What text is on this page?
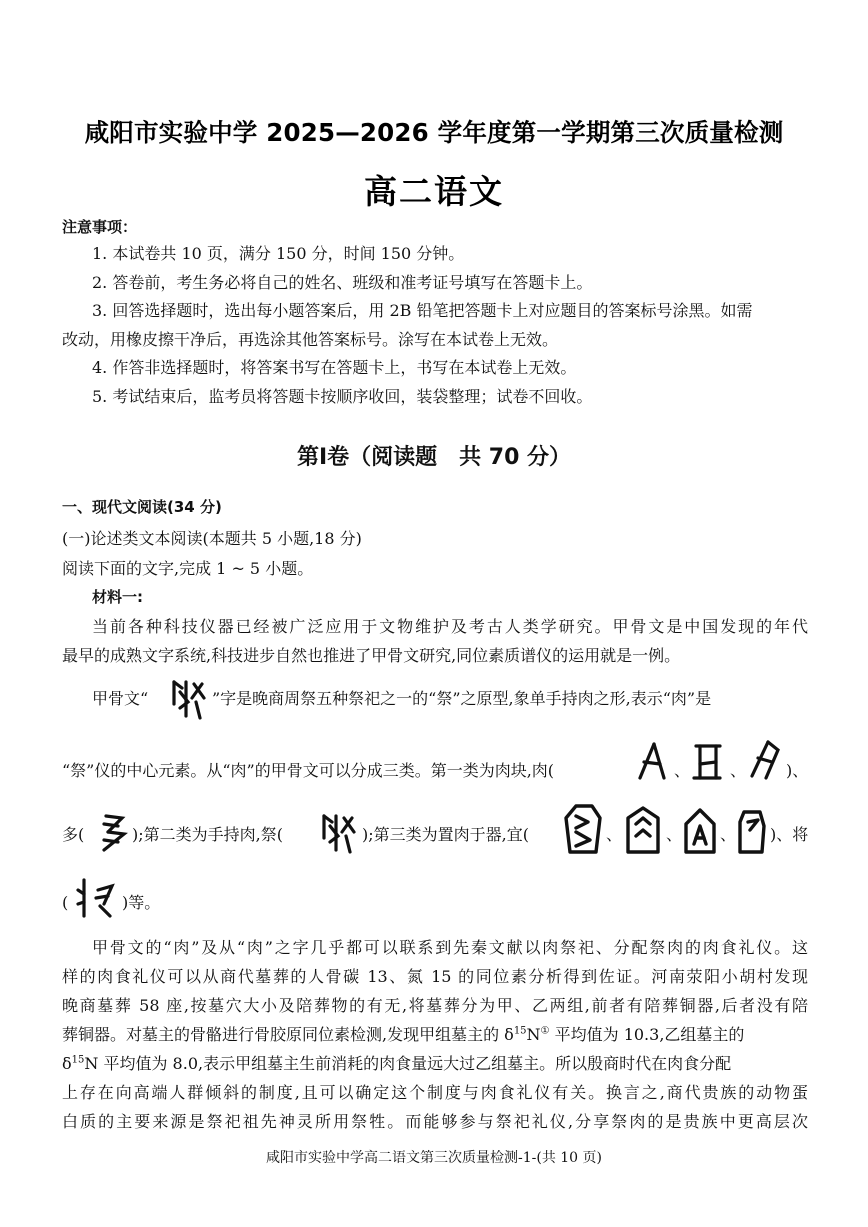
咸阳市实验中学 2025—2026 学年度第一学期第三次质量检测
高二语文
注意事项：
1. 本试卷共 10 页，满分 150 分，时间 150 分钟。
2. 答卷前，考生务必将自己的姓名、班级和准考证号填写在答题卡上。
3. 回答选择题时，选出每小题答案后，用 2B 铅笔把答题卡上对应题目的答案标号涂黑。如需
改动，用橡皮擦干净后，再选涂其他答案标号。涂写在本试卷上无效。
4. 作答非选择题时，将答案书写在答题卡上，书写在本试卷上无效。
5. 考试结束后，监考员将答题卡按顺序收回，装袋整理；试卷不回收。
第Ⅰ卷（阅读题　共 70 分）
一、现代文阅读(34 分)
(一)论述类文本阅读(本题共 5 小题,18 分)
阅读下面的文字,完成 1 ~ 5 小题。
材料一:
当前各种科技仪器已经被广泛应用于文物维护及考古人类学研究。甲骨文是中国发现的年代
最早的成熟文字系统,科技进步自然也推进了甲骨文研究,同位素质谱仪的运用就是一例。
甲骨文“	”字是晚商周祭五种祭祀之一的“祭”之原型,象单手持肉之形,表示“肉”是
“祭”仪的中心元素。从“肉”的甲骨文可以分成三类。第一类为肉块,肉(	、 、 )、
多(	);第二类为手持肉,祭(	);第三类为置肉于器,宜(	、	、 、 )、将
(	)等。
甲骨文的“肉”及从“肉”之字几乎都可以联系到先秦文献以肉祭祀、分配祭肉的肉食礼仪。这
样的肉食礼仪可以从商代墓葬的人骨碳 13、氮 15 的同位素分析得到佐证。河南荥阳小胡村发现
晚商墓葬 58 座,按墓穴大小及陪葬物的有无,将墓葬分为甲、乙两组,前者有陪葬铜器,后者没有陪
葬铜器。对墓主的骨骼进行骨胶原同位素检测,发现甲组墓主的 $\delta^{15}N^①$ 平均值为 10.3,乙组墓主的
$\delta^{15}N$ 平均值为 8.0,表示甲组墓主生前消耗的肉食量远大过乙组墓主。所以殷商时代在肉食分配
上存在向高端人群倾斜的制度,且可以确定这个制度与肉食礼仪有关。换言之,商代贵族的动物蛋
白质的主要来源是祭祀祖先神灵所用祭牲。而能够参与祭祀礼仪,分享祭肉的是贵族中更高层次
咸阳市实验中学高二语文第三次质量检测-1-(共 10 页)
